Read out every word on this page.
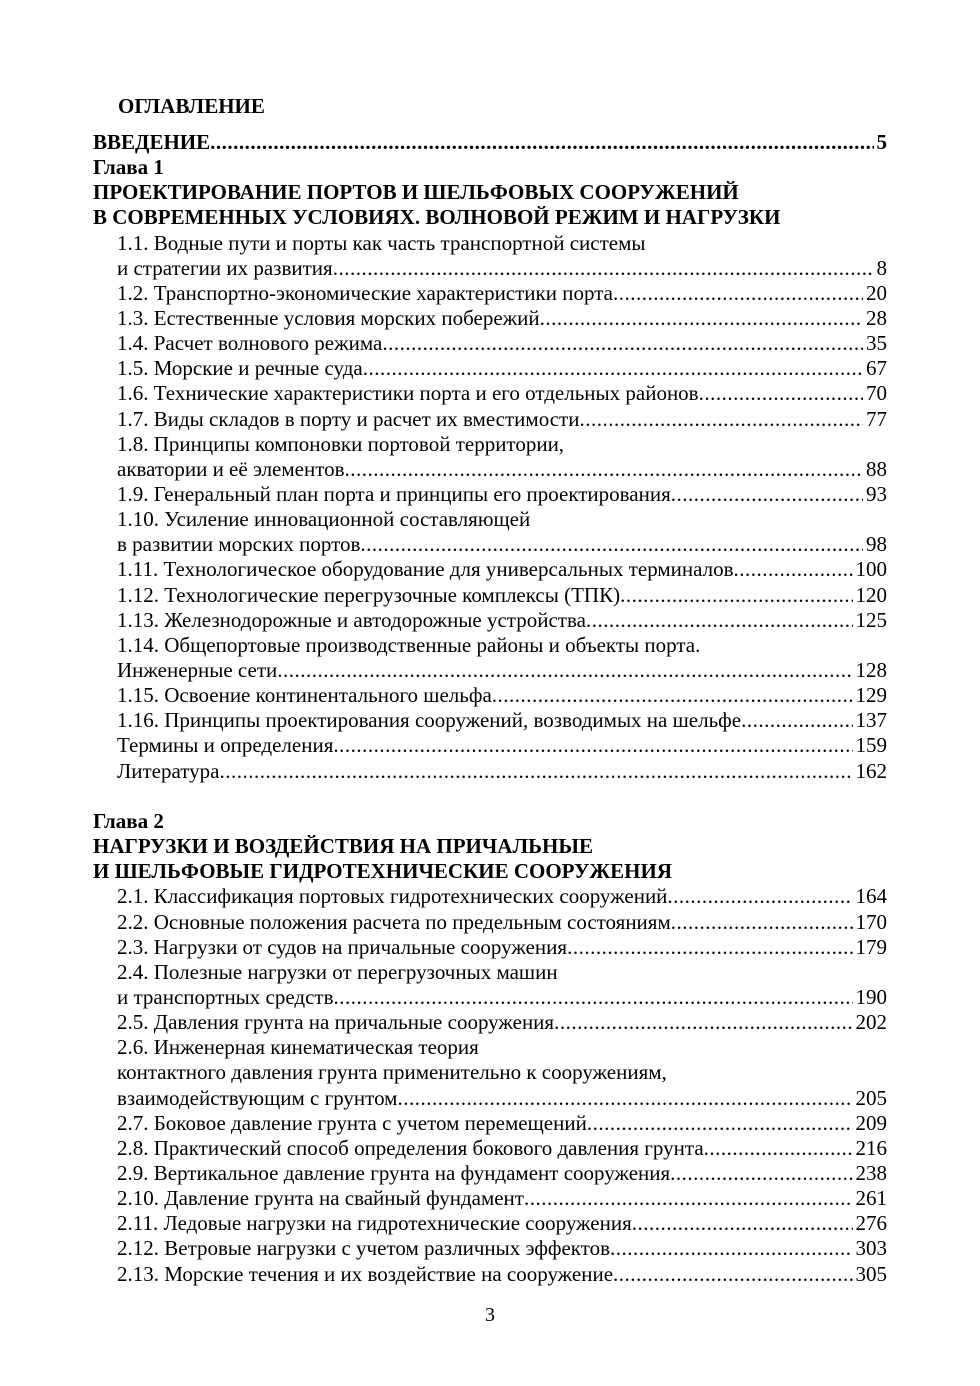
ОГЛАВЛЕНИЕ
ВВЕДЕНИЕ .....	5
Глава 1
ПРОЕКТИРОВАНИЕ ПОРТОВ И ШЕЛЬФОВЫХ СООРУЖЕНИЙ
В СОВРЕМЕННЫХ УСЛОВИЯХ. ВОЛНОВОЙ РЕЖИМ И НАГРУЗКИ
1.1. Водные пути и порты как часть транспортной системы
и стратегии их развития .....	8
1.2. Транспортно-экономические характеристики порта .....	20
1.3. Естественные условия морских побережий .....	28
1.4. Расчет волнового режима .....	35
1.5. Морские и речные суда .....	67
1.6. Технические характеристики порта и его отдельных районов .....	70
1.7. Виды складов в порту и расчет их вместимости .....	77
1.8. Принципы компоновки портовой территории,
акватории и её элементов .....	88
1.9. Генеральный план порта и принципы его проектирования .....	93
1.10. Усиление инновационной составляющей
в развитии морских портов .....	98
1.11. Технологическое оборудование для универсальных терминалов .....	100
1.12. Технологические перегрузочные комплексы (ТПК) .....	120
1.13. Железнодорожные и автодорожные устройства .....	125
1.14. Общепортовые производственные районы и объекты порта.
Инженерные сети .....	128
1.15. Освоение континентального шельфа .....	129
1.16. Принципы проектирования сооружений, возводимых на шельфе .....	137
Термины и определения .....	159
Литература .....	162
Глава 2
НАГРУЗКИ И ВОЗДЕЙСТВИЯ НА ПРИЧАЛЬНЫЕ
И ШЕЛЬФОВЫЕ ГИДРОТЕХНИЧЕСКИЕ СООРУЖЕНИЯ
2.1. Классификация портовых гидротехнических сооружений .....	164
2.2. Основные положения расчета по предельным состояниям .....	170
2.3. Нагрузки от судов на причальные сооружения .....	179
2.4. Полезные нагрузки от перегрузочных машин
и транспортных средств .....	190
2.5. Давления грунта на причальные сооружения .....	202
2.6. Инженерная кинематическая теория
контактного давления грунта применительно к сооружениям,
взаимодействующим с грунтом .....	205
2.7. Боковое давление грунта с учетом перемещений .....	209
2.8. Практический способ определения бокового давления грунта .....	216
2.9. Вертикальное давление грунта на фундамент сооружения .....	238
2.10. Давление грунта на свайный фундамент .....	261
2.11. Ледовые нагрузки на гидротехнические сооружения .....	276
2.12. Ветровые нагрузки с учетом различных эффектов .....	303
2.13. Морские течения и их воздействие на сооружение .....	305
3
